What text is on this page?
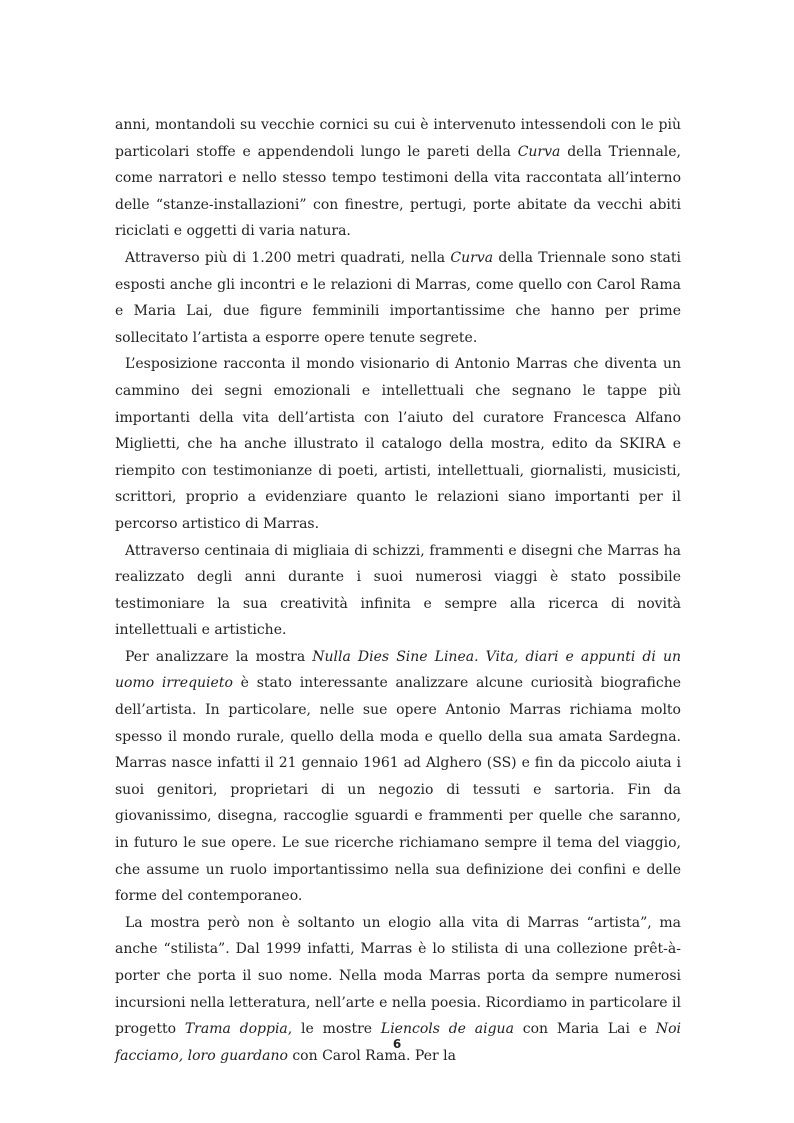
anni, montandoli su vecchie cornici su cui è intervenuto intessendoli con le più particolari stoffe e appendendoli lungo le pareti della Curva della Triennale, come narratori e nello stesso tempo testimoni della vita raccontata all’interno delle “stanze-installazioni” con finestre, pertugi, porte abitate da vecchi abiti riciclati e oggetti di varia natura.

Attraverso più di 1.200 metri quadrati, nella Curva della Triennale sono stati esposti anche gli incontri e le relazioni di Marras, come quello con Carol Rama e Maria Lai, due figure femminili importantissime che hanno per prime sollecitato l’artista a esporre opere tenute segrete.

L’esposizione racconta il mondo visionario di Antonio Marras che diventa un cammino dei segni emozionali e intellettuali che segnano le tappe più importanti della vita dell’artista con l’aiuto del curatore Francesca Alfano Miglietti, che ha anche illustrato il catalogo della mostra, edito da SKIRA e riempito con testimonianze di poeti, artisti, intellettuali, giornalisti, musicisti, scrittori, proprio a evidenziare quanto le relazioni siano importanti per il percorso artistico di Marras.

Attraverso centinaia di migliaia di schizzi, frammenti e disegni che Marras ha realizzato degli anni durante i suoi numerosi viaggi è stato possibile testimoniare la sua creatività infinita e sempre alla ricerca di novità intellettuali e artistiche.

Per analizzare la mostra Nulla Dies Sine Linea. Vita, diari e appunti di un uomo irrequieto è stato interessante analizzare alcune curiosità biografiche dell’artista. In particolare, nelle sue opere Antonio Marras richiama molto spesso il mondo rurale, quello della moda e quello della sua amata Sardegna. Marras nasce infatti il 21 gennaio 1961 ad Alghero (SS) e fin da piccolo aiuta i suoi genitori, proprietari di un negozio di tessuti e sartoria. Fin da giovanissimo, disegna, raccoglie sguardi e frammenti per quelle che saranno, in futuro le sue opere. Le sue ricerche richiamano sempre il tema del viaggio, che assume un ruolo importantissimo nella sua definizione dei confini e delle forme del contemporaneo.

La mostra però non è soltanto un elogio alla vita di Marras “artista”, ma anche “stilista”. Dal 1999 infatti, Marras è lo stilista di una collezione prêt-à-porter che porta il suo nome. Nella moda Marras porta da sempre numerosi incursioni nella letteratura, nell’arte e nella poesia. Ricordiamo in particolare il progetto Trama doppia, le mostre Liencols de aigua con Maria Lai e Noi facciamo, loro guardano con Carol Rama. Per la

6
